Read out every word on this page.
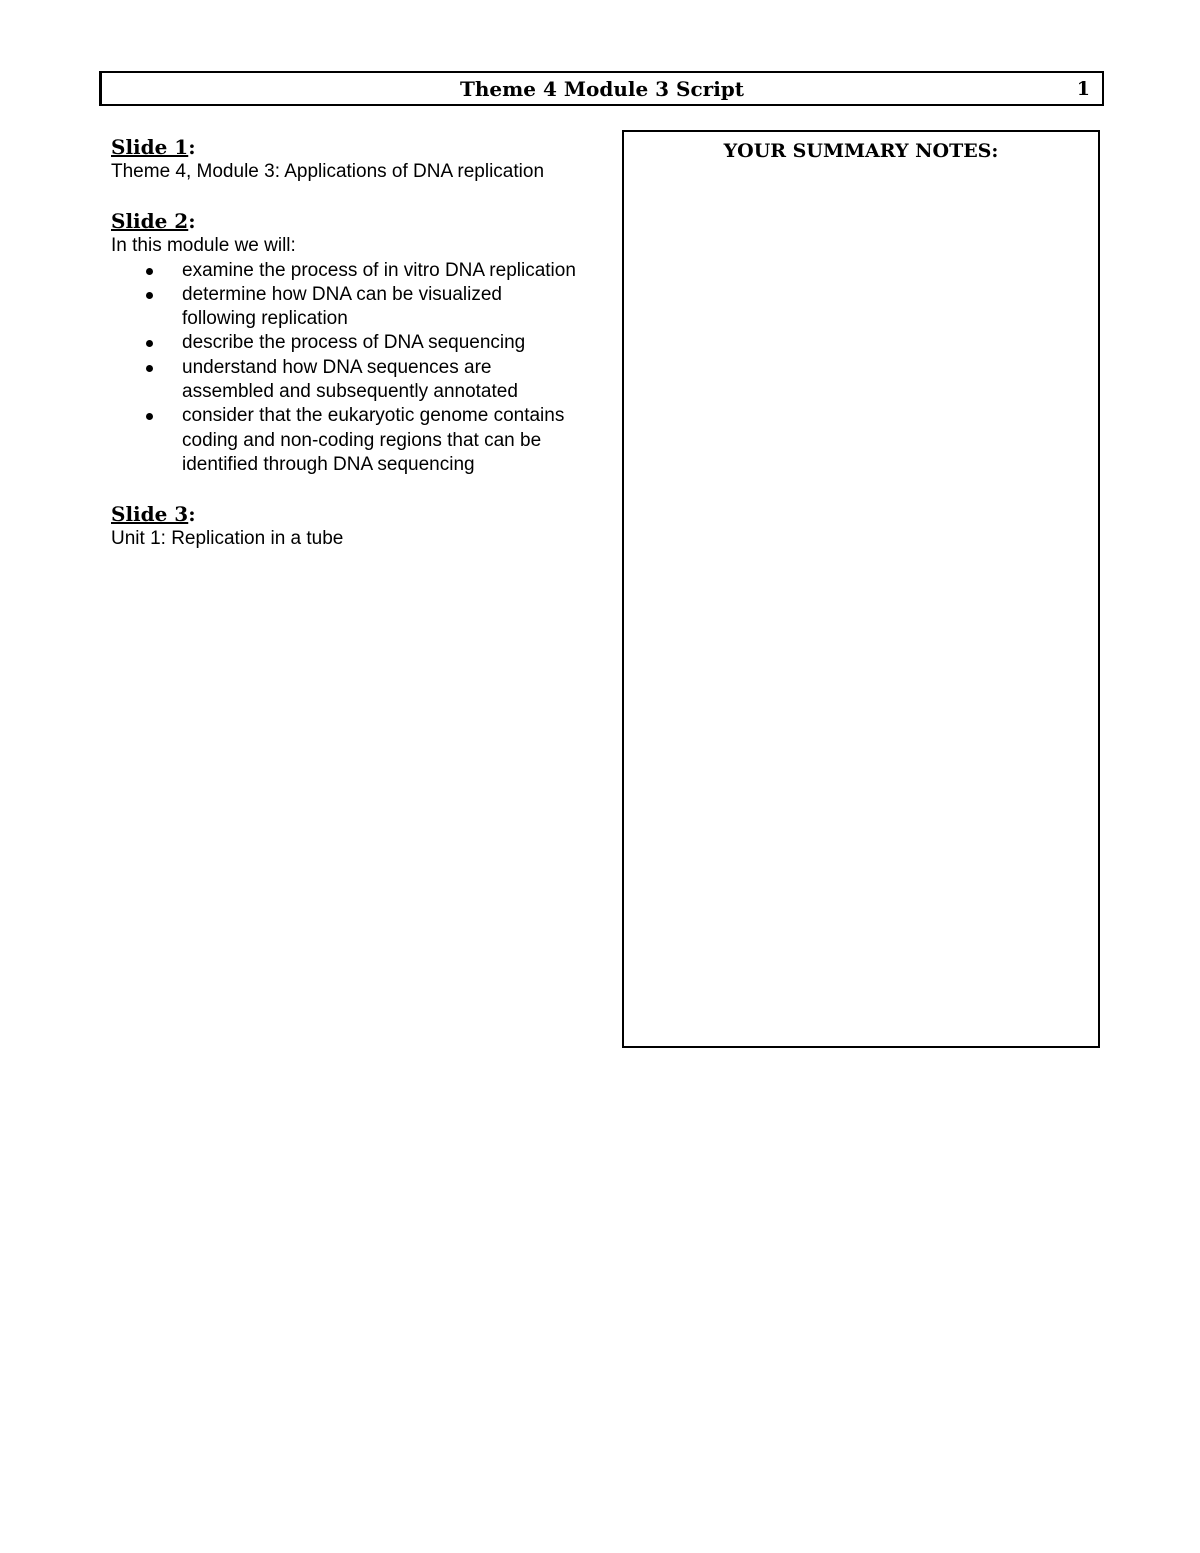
Theme 4 Module 3 Script	1
Slide 1:
Theme 4, Module 3: Applications of DNA replication
Slide 2:
In this module we will:
examine the process of in vitro DNA replication
determine how DNA can be visualized following replication
describe the process of DNA sequencing
understand how DNA sequences are assembled and subsequently annotated
consider that the eukaryotic genome contains coding and non-coding regions that can be identified through DNA sequencing
Slide 3:
Unit 1: Replication in a tube
YOUR SUMMARY NOTES:
